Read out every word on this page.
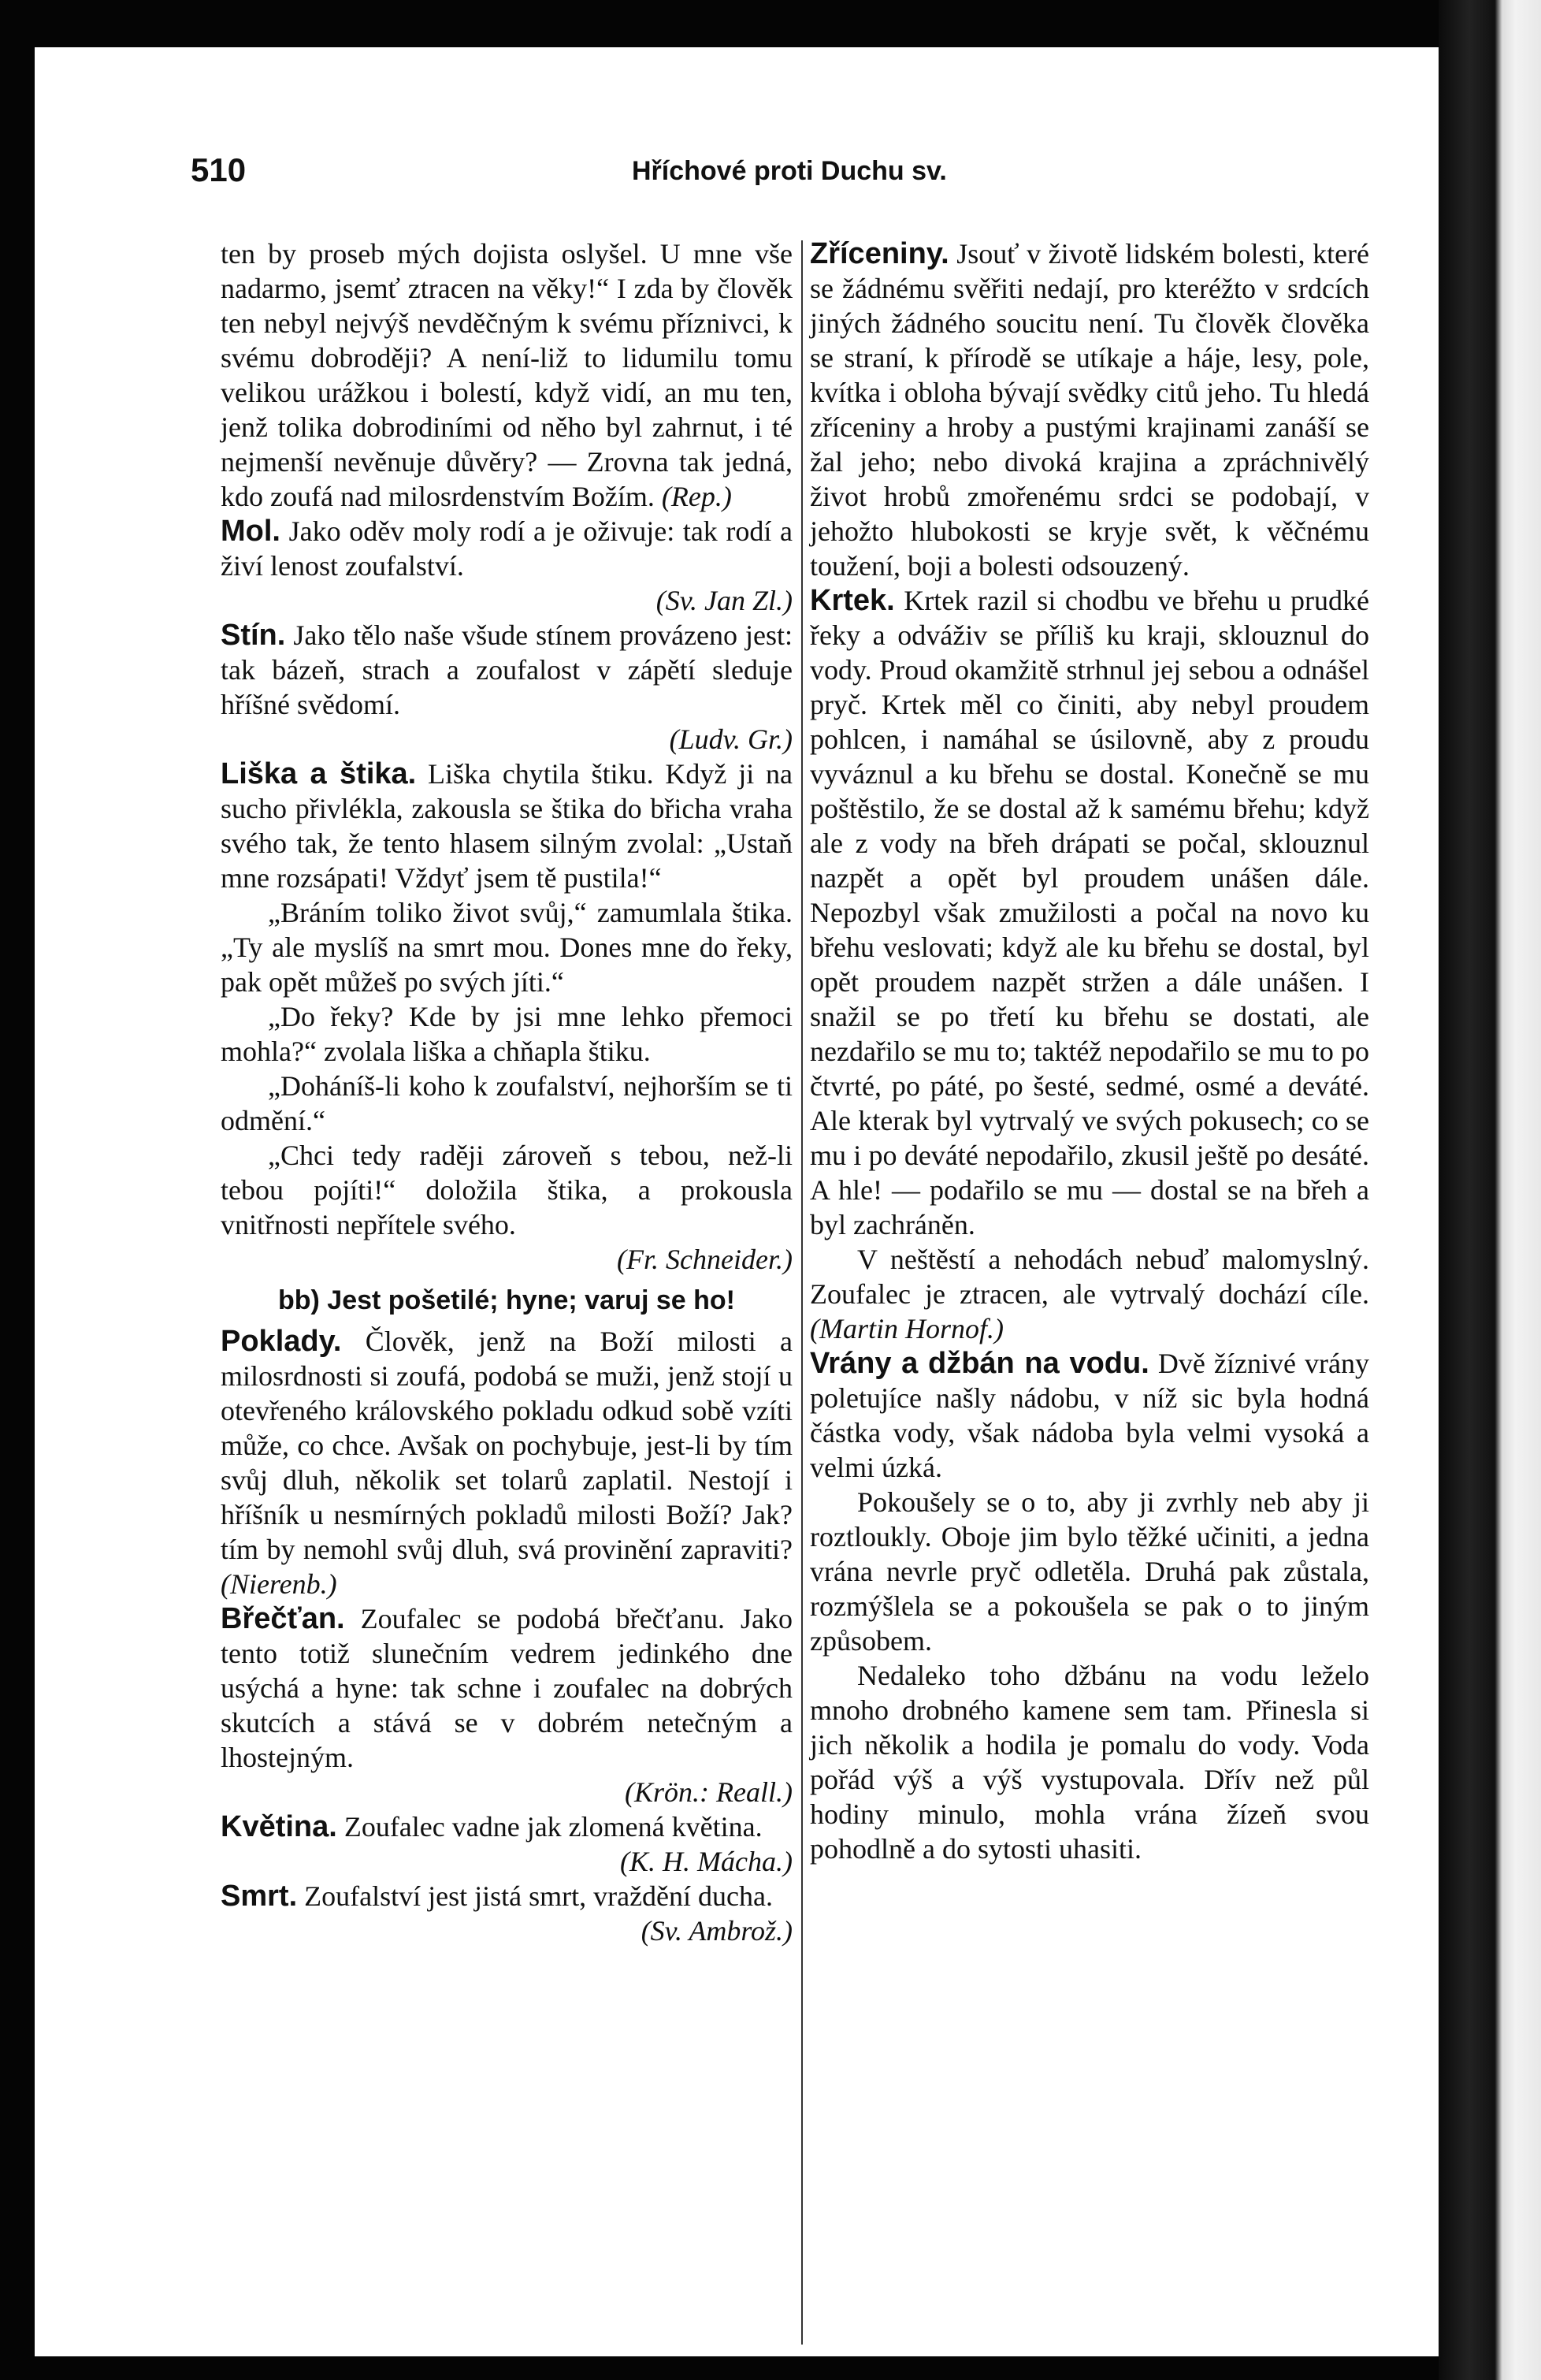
510	Hříchové proti Duchu sv.

ten by proseb mých dojista oslyšel. U mne vše nadarmo, jsemť ztracen na věky!“ I zda by člověk ten nebyl nejvýš nevděčným k svému příznivci, k svému dobroději? A není-liž to lidumilu tomu velikou urážkou i bolestí, když vidí, an mu ten, jenž tolika dobrodiními od něho byl zahrnut, i té nejmenší nevěnuje důvěry? — Zrovna tak jedná, kdo zoufá nad milosrdenstvím Božím. (Rep.)

Mol. Jako oděv moly rodí a je oživuje: tak rodí a živí lenost zoufalství.
(Sv. Jan Zl.)

Stín. Jako tělo naše všude stínem provázeno jest: tak bázeň, strach a zoufalost v zápětí sleduje hříšné svědomí.
(Ludv. Gr.)

Liška a štika. Liška chytila štiku. Když ji na sucho přivlékla, zakousla se štika do břicha vraha svého tak, že tento hlasem silným zvolal: „Ustaň mne rozsápati! Vždyť jsem tě pustila!“

„Bráním toliko život svůj,“ zamumlala štika. „Ty ale myslíš na smrt mou. Dones mne do řeky, pak opět můžeš po svých jíti.“

„Do řeky? Kde by jsi mne lehko přemoci mohla?“ zvolala liška a chňapla štiku.

„Doháníš-li koho k zoufalství, nejhorším se ti odmění.“

„Chci tedy raději zároveň s tebou, než-li tebou pojíti!“ doložila štika, a prokousla vnitřnosti nepřítele svého.
(Fr. Schneider.)

bb) Jest pošetilé; hyne; varuj se ho!

Poklady. Člověk, jenž na Boží milosti a milosrdnosti si zoufá, podobá se muži, jenž stojí u otevřeného královského pokladu odkud sobě vzíti může, co chce. Avšak on pochybuje, jest-li by tím svůj dluh, několik set tolarů zaplatil. Nestojí i hříšník u nesmírných pokladů milosti Boží? Jak? tím by nemohl svůj dluh, svá provinění zapraviti? (Nierenb.)

Břečťan. Zoufalec se podobá břečťanu. Jako tento totiž slunečním vedrem jedinkého dne usýchá a hyne: tak schne i zoufalec na dobrých skutcích a stává se v dobrém netečným a lhostejným.
(Krön.: Reall.)

Květina. Zoufalec vadne jak zlomená květina.
(K. H. Mácha.)

Smrt. Zoufalství jest jistá smrt, vraždění ducha.
(Sv. Ambrož.)

Zříceniny. Jsouť v životě lidském bolesti, které se žádnému svěřiti nedají, pro kteréžto v srdcích jiných žádného soucitu není. Tu člověk člověka se straní, k přírodě se utíkaje a háje, lesy, pole, kvítka i obloha bývají svědky citů jeho. Tu hledá zříceniny a hroby a pustými krajinami zanáší se žal jeho; nebo divoká krajina a zpráchnivělý život hrobů zmořenému srdci se podobají, v jehožto hlubokosti se kryje svět, k věčnému toužení, boji a bolesti odsouzený.

Krtek. Krtek razil si chodbu ve břehu u prudké řeky a odváživ se příliš ku kraji, sklouznul do vody. Proud okamžitě strhnul jej sebou a odnášel pryč. Krtek měl co činiti, aby nebyl proudem pohlcen, i namáhal se úsilovně, aby z proudu vyváznul a ku břehu se dostal. Konečně se mu poštěstilo, že se dostal až k samému břehu; když ale z vody na břeh drápati se počal, sklouznul nazpět a opět byl proudem unášen dále. Nepozbyl však zmužilosti a počal na novo ku břehu veslovati; když ale ku břehu se dostal, byl opět proudem nazpět stržen a dále unášen. I snažil se po třetí ku břehu se dostati, ale nezdařilo se mu to; taktéž nepodařilo se mu to po čtvrté, po páté, po šesté, sedmé, osmé a deváté. Ale kterak byl vytrvalý ve svých pokusech; co se mu i po deváté nepodařilo, zkusil ještě po desáté. A hle! — podařilo se mu — dostal se na břeh a byl zachráněn.

V neštěstí a nehodách nebuď malomyslný. Zoufalec je ztracen, ale vytrvalý dochází cíle. (Martin Hornof.)

Vrány a džbán na vodu. Dvě žíznivé vrány poletujíce našly nádobu, v níž sic byla hodná částka vody, však nádoba byla velmi vysoká a velmi úzká.

Pokoušely se o to, aby ji zvrhly neb aby ji roztloukly. Oboje jim bylo těžké učiniti, a jedna vrána nevrle pryč odletěla. Druhá pak zůstala, rozmýšlela se a pokoušela se pak o to jiným způsobem.

Nedaleko toho džbánu na vodu leželo mnoho drobného kamene sem tam. Přinesla si jich několik a hodila je pomalu do vody. Voda pořád výš a výš vystupovala. Dřív než půl hodiny minulo, mohla vrána žízeň svou pohodlně a do sytosti uhasiti.
